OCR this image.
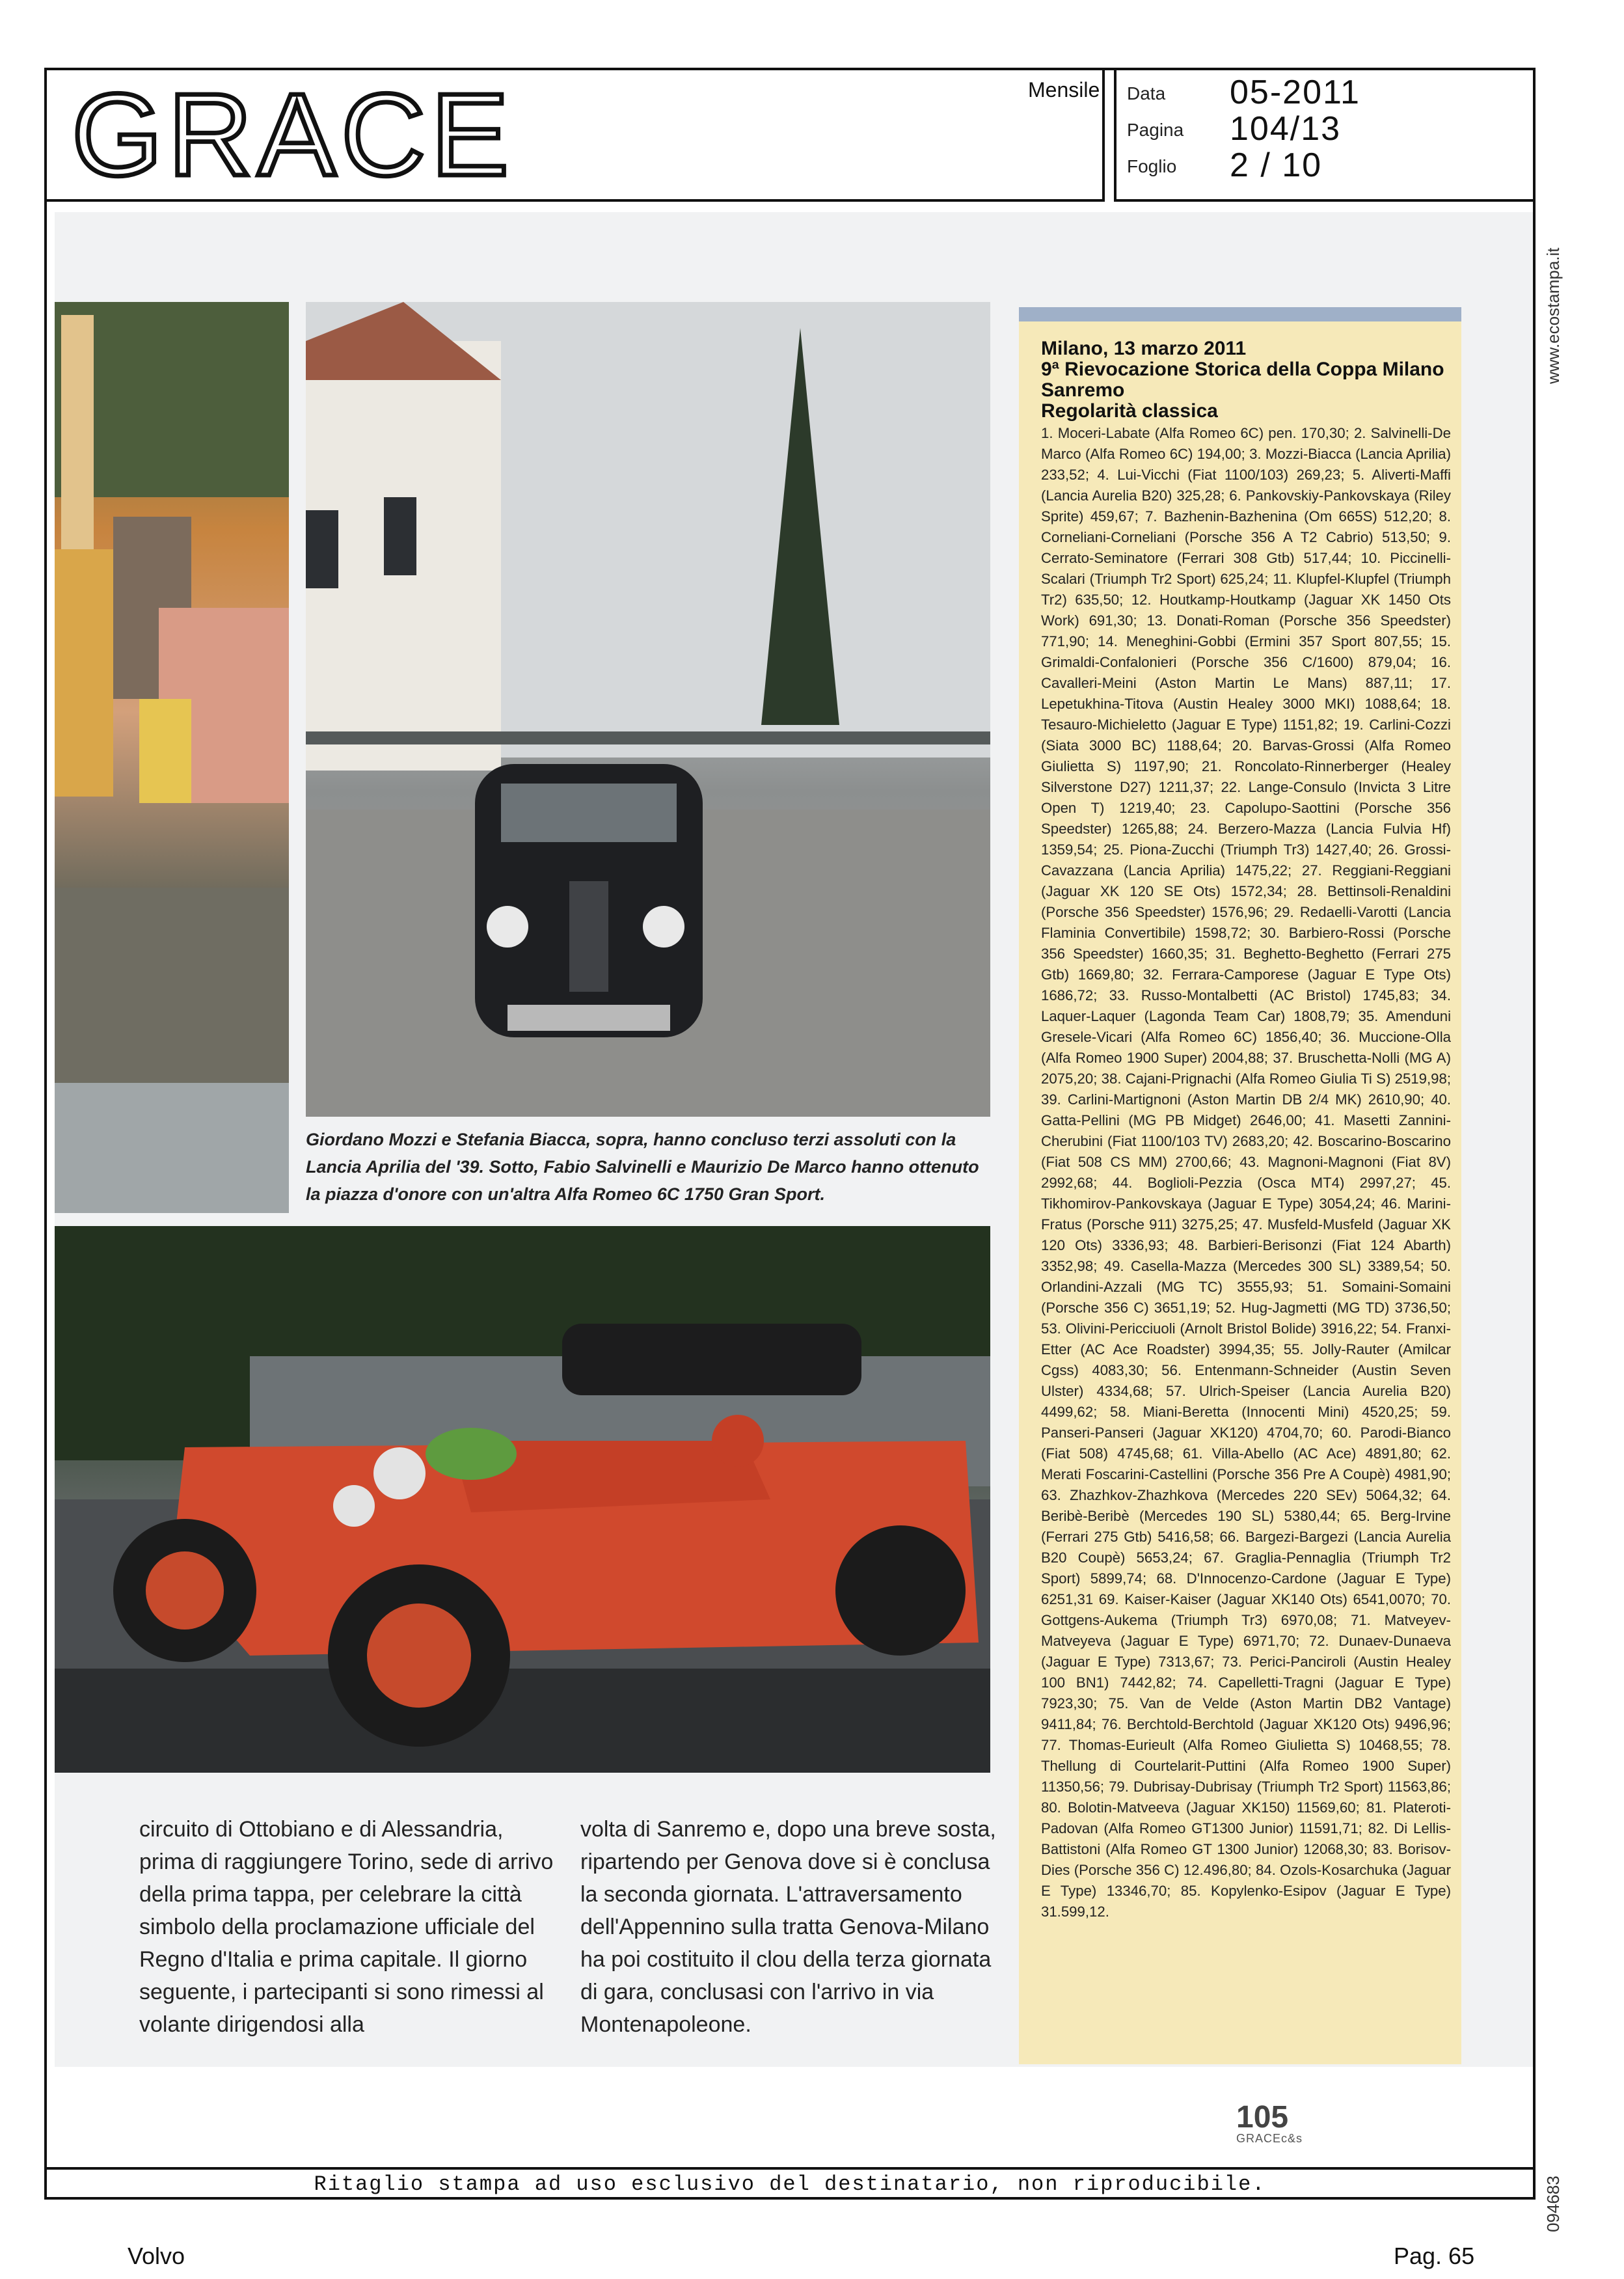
GRACE	Mensile Data 05-2011
Pagina 104/13
Foglio 2 / 10
Giordano Mozzi e Stefania Biacca, sopra, hanno concluso terzi assoluti con la Lancia Aprilia del '39. Sotto, Fabio Salvinelli e Maurizio De Marco hanno ottenuto la piazza d'onore con un'altra Alfa Romeo 6C 1750 Gran Sport.
circuito di Ottobiano e di Alessandria, prima di raggiungere Torino, sede di arrivo della prima tappa, per celebrare la città simbolo della proclamazione ufficiale del Regno d'Italia e prima capitale. Il giorno seguente, i partecipanti si sono rimessi al volante dirigendosi alla
volta di Sanremo e, dopo una breve sosta, ripartendo per Genova dove si è conclusa la seconda giornata. L'attraversamento dell'Appennino sulla tratta Genova-Milano ha poi costituito il clou della terza giornata di gara, conclusasi con l'arrivo in via Montenapoleone.
Milano, 13 marzo 2011
9ª Rievocazione Storica della Coppa Milano Sanremo
Regolarità classica
1. Moceri-Labate (Alfa Romeo 6C) pen. 170,30; 2. Salvinelli-De Marco (Alfa Romeo 6C) 194,00; 3. Mozzi-Biacca (Lancia Aprilia) 233,52; 4. Lui-Vicchi (Fiat 1100/103) 269,23; 5. Aliverti-Maffi (Lancia Aurelia B20) 325,28; 6. Pankovskiy-Pankovskaya (Riley Sprite) 459,67; 7. Bazhenin-Bazhenina (Om 665S) 512,20; 8. Corneliani-Corneliani (Porsche 356 A T2 Cabrio) 513,50; 9. Cerrato-Seminatore (Ferrari 308 Gtb) 517,44; 10. Piccinelli-Scalari (Triumph Tr2 Sport) 625,24; 11. Klupfel-Klupfel (Triumph Tr2) 635,50; 12. Houtkamp-Houtkamp (Jaguar XK 1450 Ots Work) 691,30; 13. Donati-Roman (Porsche 356 Speedster) 771,90; 14. Meneghini-Gobbi (Ermini 357 Sport 807,55; 15. Grimaldi-Confalonieri (Porsche 356 C/1600) 879,04; 16. Cavalleri-Meini (Aston Martin Le Mans) 887,11; 17. Lepetukhina-Titova (Austin Healey 3000 MKI) 1088,64; 18. Tesauro-Michieletto (Jaguar E Type) 1151,82; 19. Carlini-Cozzi (Siata 3000 BC) 1188,64; 20. Barvas-Grossi (Alfa Romeo Giulietta S) 1197,90; 21. Roncolato-Rinnerberger (Healey Silverstone D27) 1211,37; 22. Lange-Consulo (Invicta 3 Litre Open T) 1219,40; 23. Capolupo-Saottini (Porsche 356 Speedster) 1265,88; 24. Berzero-Mazza (Lancia Fulvia Hf) 1359,54; 25. Piona-Zucchi (Triumph Tr3) 1427,40; 26. Grossi-Cavazzana (Lancia Aprilia) 1475,22; 27. Reggiani-Reggiani (Jaguar XK 120 SE Ots) 1572,34; 28. Bettinsoli-Renaldini (Porsche 356 Speedster) 1576,96; 29. Redaelli-Varotti (Lancia Flaminia Convertibile) 1598,72; 30. Barbiero-Rossi (Porsche 356 Speedster) 1660,35; 31. Beghetto-Beghetto (Ferrari 275 Gtb) 1669,80; 32. Ferrara-Camporese (Jaguar E Type Ots) 1686,72; 33. Russo-Montalbetti (AC Bristol) 1745,83; 34. Laquer-Laquer (Lagonda Team Car) 1808,79; 35. Amenduni Gresele-Vicari (Alfa Romeo 6C) 1856,40; 36. Muccione-Olla (Alfa Romeo 1900 Super) 2004,88; 37. Bruschetta-Nolli (MG A) 2075,20; 38. Cajani-Prignachi (Alfa Romeo Giulia Ti S) 2519,98; 39. Carlini-Martignoni (Aston Martin DB 2/4 MK) 2610,90; 40. Gatta-Pellini (MG PB Midget) 2646,00; 41. Masetti Zannini-Cherubini (Fiat 1100/103 TV) 2683,20; 42. Boscarino-Boscarino (Fiat 508 CS MM) 2700,66; 43. Magnoni-Magnoni (Fiat 8V) 2992,68; 44. Boglioli-Pezzia (Osca MT4) 2997,27; 45. Tikhomirov-Pankovskaya (Jaguar E Type) 3054,24; 46. Marini-Fratus (Porsche 911) 3275,25; 47. Musfeld-Musfeld (Jaguar XK 120 Ots) 3336,93; 48. Barbieri-Berisonzi (Fiat 124 Abarth) 3352,98; 49. Casella-Mazza (Mercedes 300 SL) 3389,54; 50. Orlandini-Azzali (MG TC) 3555,93; 51. Somaini-Somaini (Porsche 356 C) 3651,19; 52. Hug-Jagmetti (MG TD) 3736,50; 53. Olivini-Pericciuoli (Arnolt Bristol Bolide) 3916,22; 54. Franxi-Etter (AC Ace Roadster) 3994,35; 55. Jolly-Rauter (Amilcar Cgss) 4083,30; 56. Entenmann-Schneider (Austin Seven Ulster) 4334,68; 57. Ulrich-Speiser (Lancia Aurelia B20) 4499,62; 58. Miani-Beretta (Innocenti Mini) 4520,25; 59. Panseri-Panseri (Jaguar XK120) 4704,70; 60. Parodi-Bianco (Fiat 508) 4745,68; 61. Villa-Abello (AC Ace) 4891,80; 62. Merati Foscarini-Castellini (Porsche 356 Pre A Coupè) 4981,90; 63. Zhazhkov-Zhazhkova (Mercedes 220 SEv) 5064,32; 64. Beribè-Beribè (Mercedes 190 SL) 5380,44; 65. Berg-Irvine (Ferrari 275 Gtb) 5416,58; 66. Bargezi-Bargezi (Lancia Aurelia B20 Coupè) 5653,24; 67. Graglia-Pennaglia (Triumph Tr2 Sport) 5899,74; 68. D'Innocenzo-Cardone (Jaguar E Type) 6251,31 69. Kaiser-Kaiser (Jaguar XK140 Ots) 6541,0070; 70. Gottgens-Aukema (Triumph Tr3) 6970,08; 71. Matveyev-Matveyeva (Jaguar E Type) 6971,70; 72. Dunaev-Dunaeva (Jaguar E Type) 7313,67; 73. Perici-Panciroli (Austin Healey 100 BN1) 7442,82; 74. Capelletti-Tragni (Jaguar E Type) 7923,30; 75. Van de Velde (Aston Martin DB2 Vantage) 9411,84; 76. Berchtold-Berchtold (Jaguar XK120 Ots) 9496,96; 77. Thomas-Eurieult (Alfa Romeo Giulietta S) 10468,55; 78. Thellung di Courtelarit-Puttini (Alfa Romeo 1900 Super) 11350,56; 79. Dubrisay-Dubrisay (Triumph Tr2 Sport) 11563,86; 80. Bolotin-Matveeva (Jaguar XK150) 11569,60; 81. Plateroti-Padovan (Alfa Romeo GT1300 Junior) 11591,71; 82. Di Lellis-Battistoni (Alfa Romeo GT 1300 Junior) 12068,30; 83. Borisov-Dies (Porsche 356 C) 12.496,80; 84. Ozols-Kosarchuka (Jaguar E Type) 13346,70; 85. Kopylenko-Esipov (Jaguar E Type) 31.599,12.
105
GRACEc&s
Ritaglio stampa ad uso esclusivo del destinatario, non riproducibile.
www.ecostampa.it
094683
Volvo	Pag. 65
